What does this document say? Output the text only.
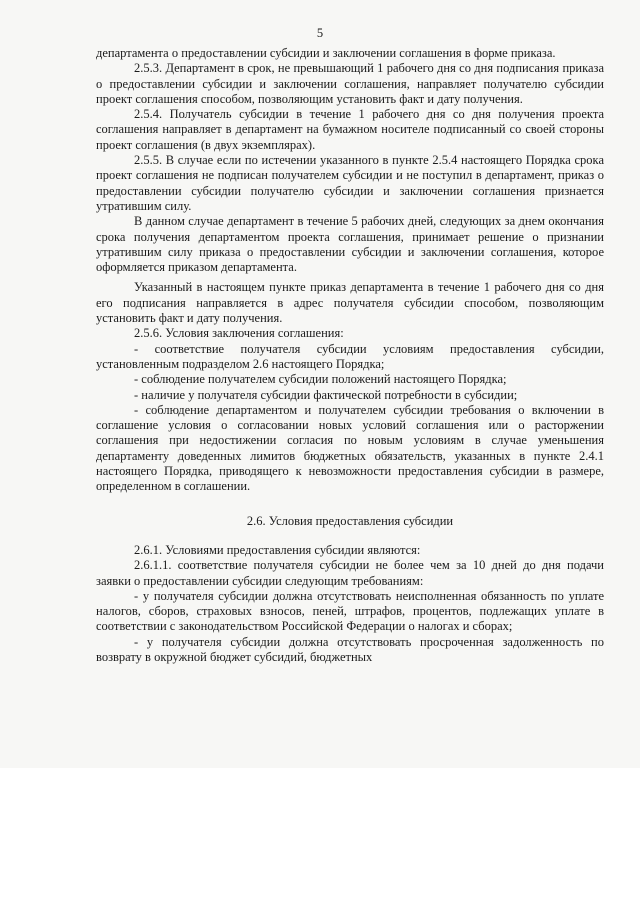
5

департамента о предоставлении субсидии и заключении соглашения в форме приказа.

2.5.3. Департамент в срок, не превышающий 1 рабочего дня со дня подписания приказа о предоставлении субсидии и заключении соглашения, направляет получателю субсидии проект соглашения способом, позволяющим установить факт и дату получения.

2.5.4. Получатель субсидии в течение 1 рабочего дня со дня получения проекта соглашения направляет в департамент на бумажном носителе подписанный со своей стороны проект соглашения (в двух экземплярах).

2.5.5. В случае если по истечении указанного в пункте 2.5.4 настоящего Порядка срока проект соглашения не подписан получателем субсидии и не поступил в департамент, приказ о предоставлении субсидии получателю субсидии и заключении соглашения признается утратившим силу.

В данном случае департамент в течение 5 рабочих дней, следующих за днем окончания срока получения департаментом проекта соглашения, принимает решение о признании утратившим силу приказа о предоставлении субсидии и заключении соглашения, которое оформляется приказом департамента.

Указанный в настоящем пункте приказ департамента в течение 1 рабочего дня со дня его подписания направляется в адрес получателя субсидии способом, позволяющим установить факт и дату получения.

2.5.6. Условия заключения соглашения:

- соответствие получателя субсидии условиям предоставления субсидии, установленным подразделом 2.6 настоящего Порядка;

- соблюдение получателем субсидии положений настоящего Порядка;

- наличие у получателя субсидии фактической потребности в субсидии;

- соблюдение департаментом и получателем субсидии требования о включении в соглашение условия о согласовании новых условий соглашения или о расторжении соглашения при недостижении согласия по новым условиям в случае уменьшения департаменту доведенных лимитов бюджетных обязательств, указанных в пункте 2.4.1 настоящего Порядка, приводящего к невозможности предоставления субсидии в размере, определенном в соглашении.

2.6. Условия предоставления субсидии

2.6.1. Условиями предоставления субсидии являются:

2.6.1.1. соответствие получателя субсидии не более чем за 10 дней до дня подачи заявки о предоставлении субсидии следующим требованиям:

- у получателя субсидии должна отсутствовать неисполненная обязанность по уплате налогов, сборов, страховых взносов, пеней, штрафов, процентов, подлежащих уплате в соответствии с законодательством Российской Федерации о налогах и сборах;

- у получателя субсидии должна отсутствовать просроченная задолженность по возврату в окружной бюджет субсидий, бюджетных
